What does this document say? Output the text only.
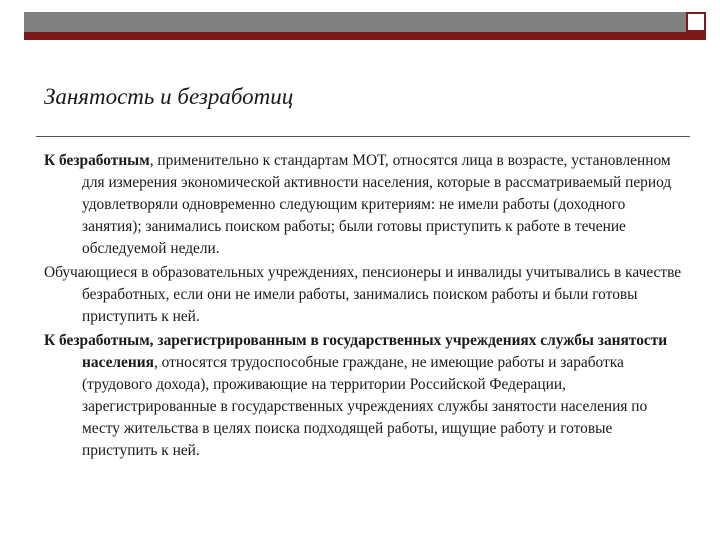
Занятость и безработиц

К безработным, применительно к стандартам МОТ, относятся лица в возрасте, установленном для измерения экономической активности населения, которые в рассматриваемый период удовлетворяли одновременно следующим критериям: не имели работы (доходного занятия); занимались поиском работы; были готовы приступить к работе в течение обследуемой недели.

Обучающиеся в образовательных учреждениях, пенсионеры и инвалиды учитывались в качестве безработных, если они не имели работы, занимались поиском работы и были готовы приступить к ней.

К безработным, зарегистрированным в государственных учреждениях службы занятости населения, относятся трудоспособные граждане, не имеющие работы и заработка (трудового дохода), проживающие на территории Российской Федерации, зарегистрированные в государственных учреждениях службы занятости населения по месту жительства в целях поиска подходящей работы, ищущие работу и готовые приступить к ней.
